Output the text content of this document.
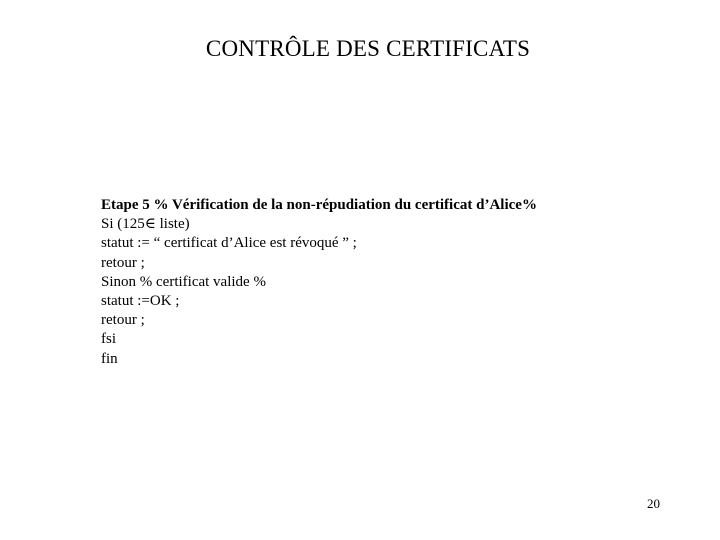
CONTRÔLE DES CERTIFICATS
Etape 5 % Vérification de la non-répudiation du certificat d’Alice%
Si (125∈ liste)
statut := “ certificat d’Alice est révoqué ” ;
retour ;
Sinon % certificat valide %
statut :=OK ;
retour ;
fsi
fin
20
